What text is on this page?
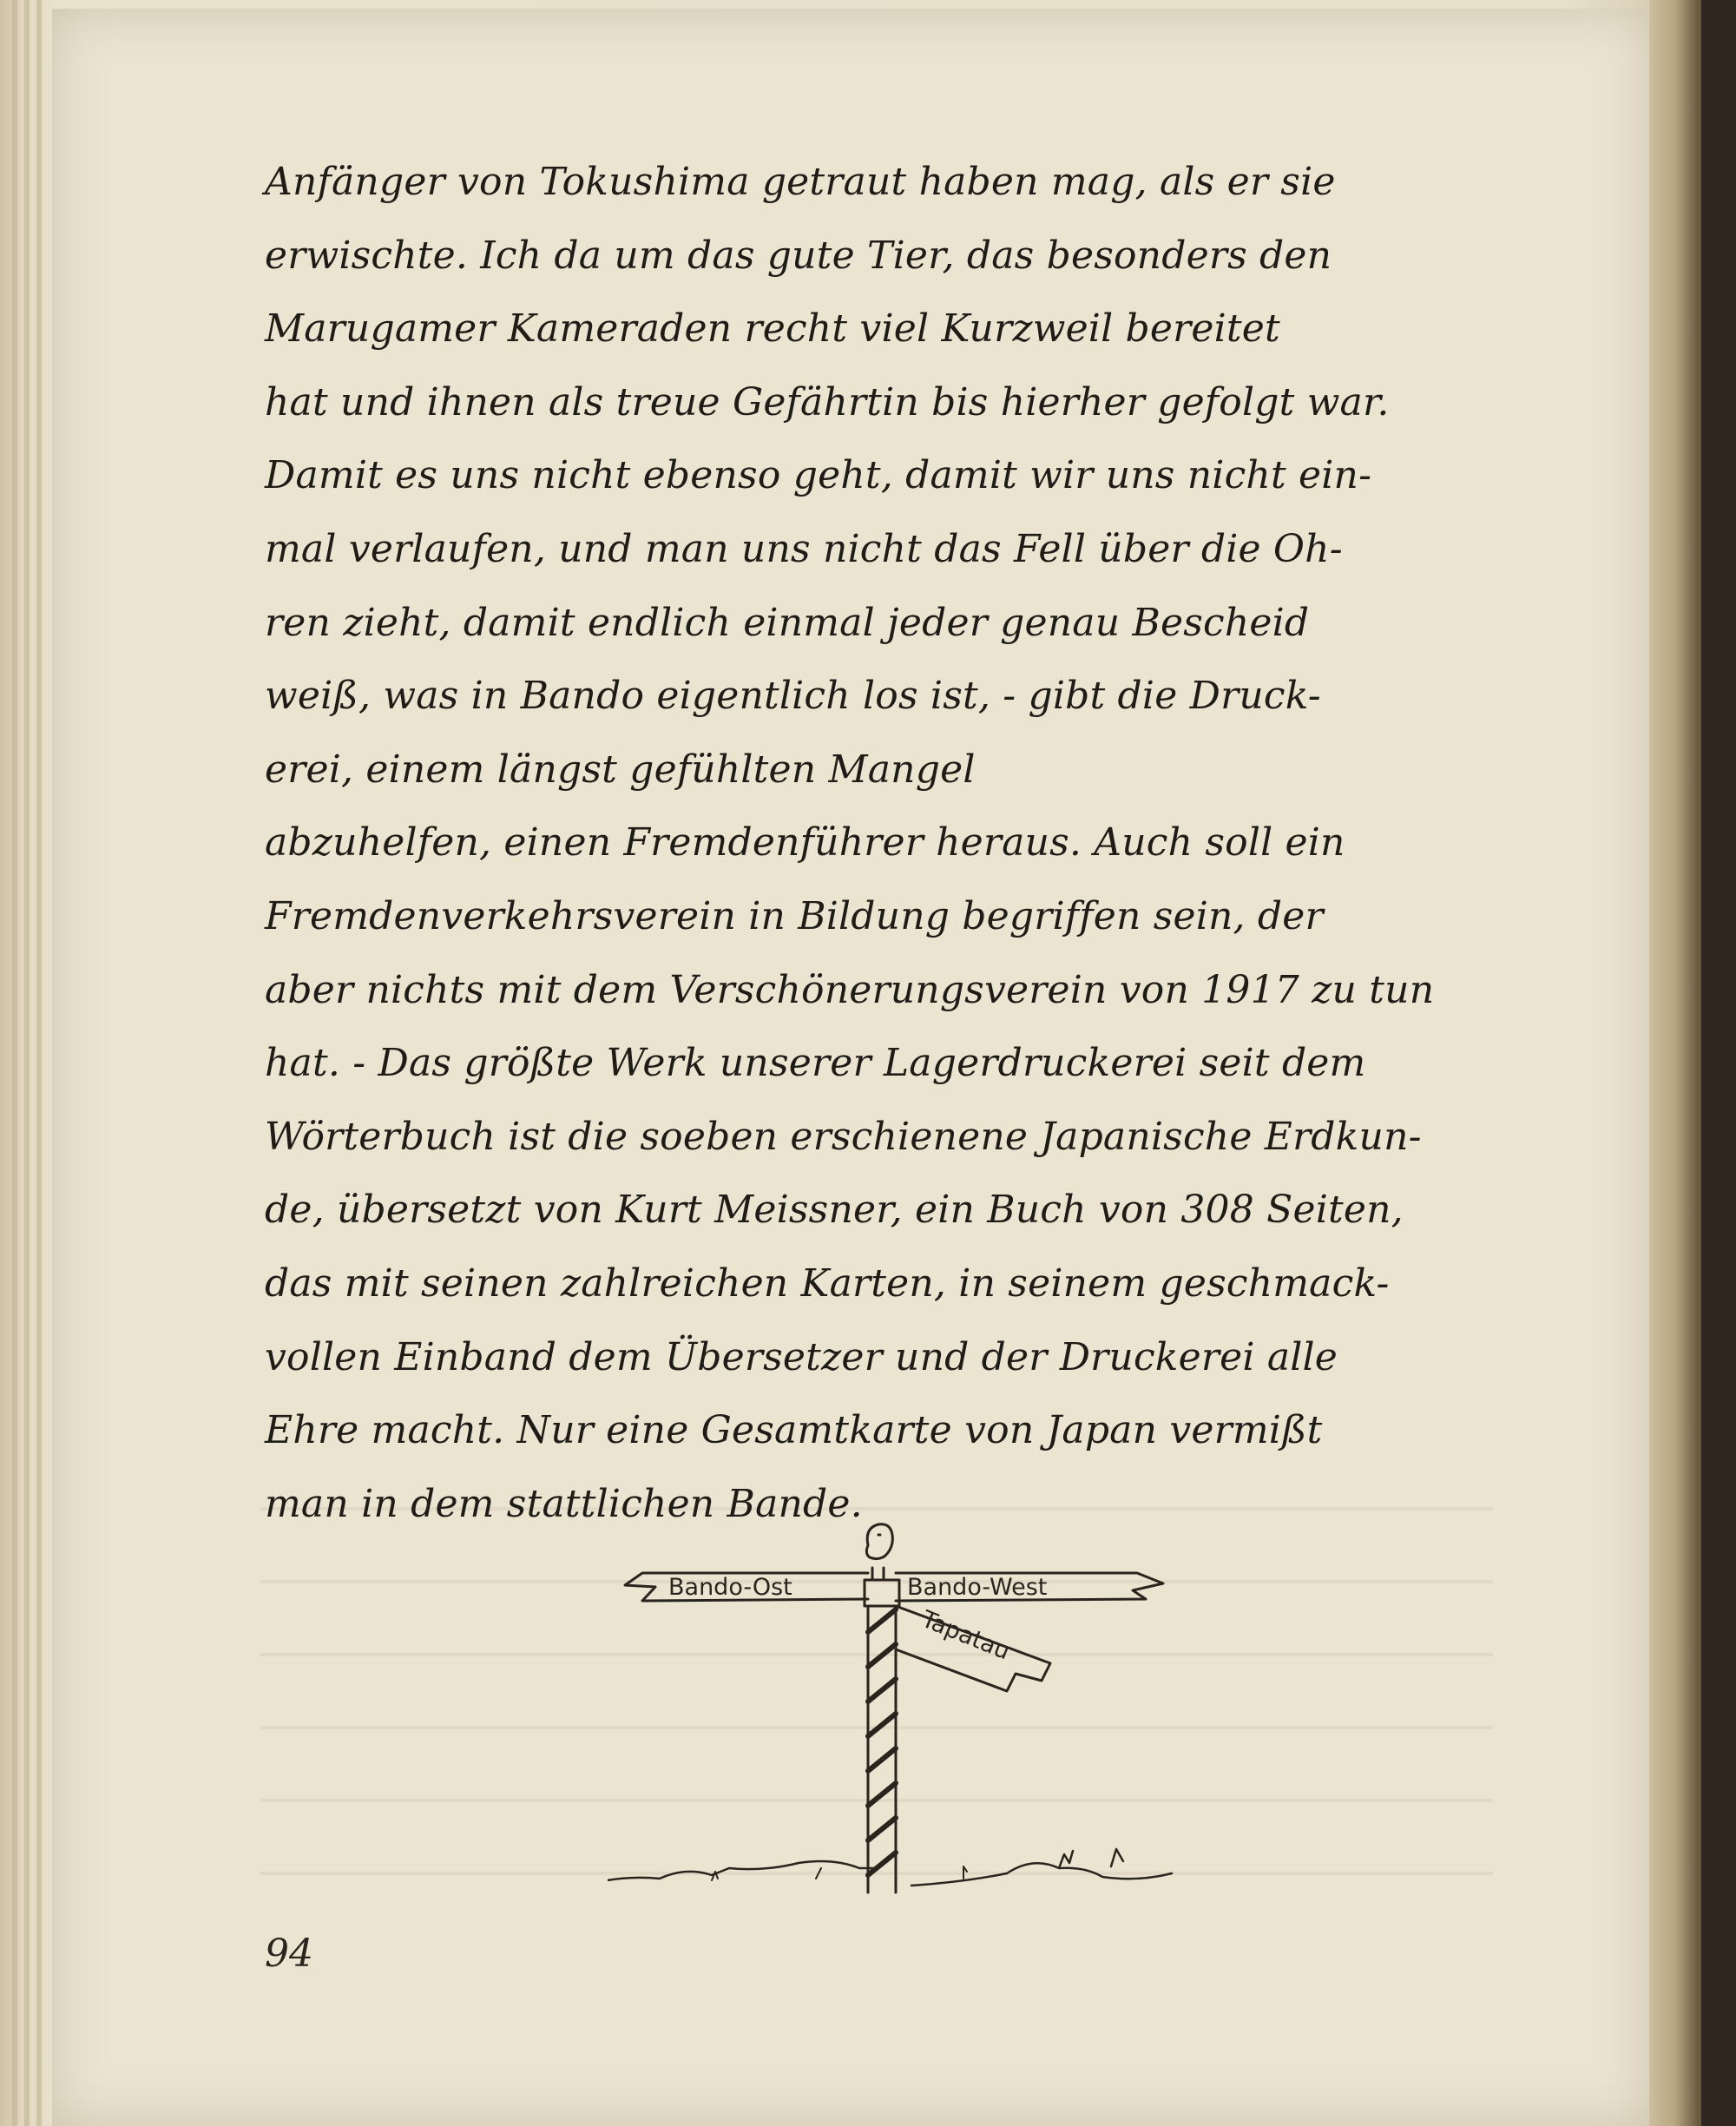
Anfänger von Tokushima getraut haben mag, als er sie
erwischte. Ich da um das gute Tier, das besonders den
Marugamer Kameraden recht viel Kurzweil bereitet
hat und ihnen als treue Gefährtin bis hierher gefolgt war.
Damit es uns nicht ebenso geht, damit wir uns nicht ein-
mal verlaufen, und man uns nicht das Fell über die Oh-
ren zieht, damit endlich einmal jeder genau Bescheid
weiß, was in Bando eigentlich los ist, - gibt die Druck-
erei, einem längst gefühlten Mangel
abzuhelfen, einen Fremdenführer heraus. Auch soll ein
Fremdenverkehrsverein in Bildung begriffen sein, der
aber nichts mit dem Verschönerungsverein von 1917 zu tun
hat. - Das größte Werk unserer Lagerdruckerei seit dem
Wörterbuch ist die soeben erschienene Japanische Erdkun-
de, übersetzt von Kurt Meissner, ein Buch von 308 Seiten,
das mit seinen zahlreichen Karten, in seinem geschmack-
vollen Einband dem Übersetzer und der Druckerei alle
Ehre macht. Nur eine Gesamtkarte von Japan vermißt
man in dem stattlichen Bande.
Bando-Ost	Bando-West
Tapatau
94
